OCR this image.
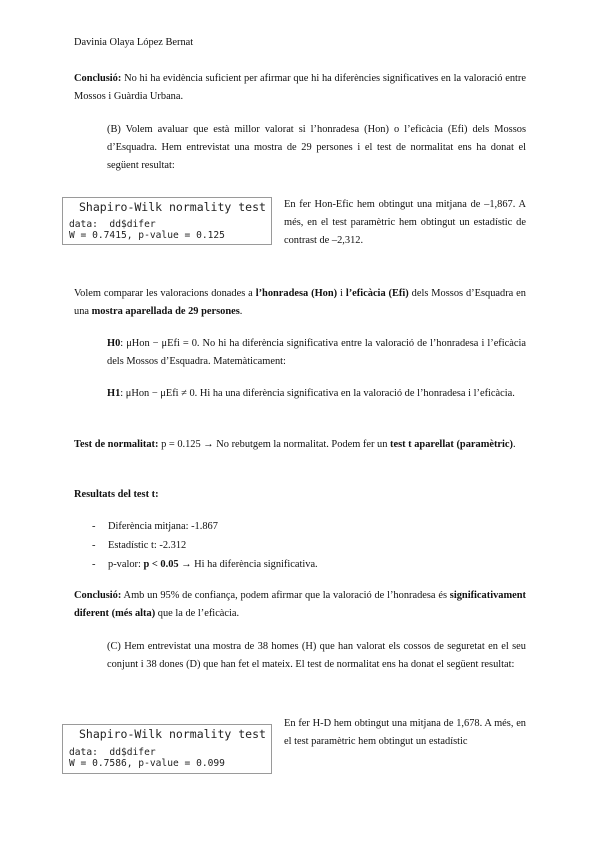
Davinia Olaya López Bernat
Conclusió: No hi ha evidència suficient per afirmar que hi ha diferències significatives en la valoració entre Mossos i Guàrdia Urbana.
(B) Volem avaluar que està millor valorat si l’honradesa (Hon) o l’eficàcia (Efi) dels Mossos d’Esquadra. Hem entrevistat una mostra de 29 persones i el test de normalitat ens ha donat el següent resultat:
Shapiro-Wilk normality test
data:  dd$difer
W = 0.7415, p-value = 0.125
En fer Hon-Efic hem obtingut una mitjana de –1,867. A més, en el test paramètric hem obtingut un estadístic de contrast de –2,312.
Volem comparar les valoracions donades a l’honradesa (Hon) i l’eficàcia (Efi) dels Mossos d’Esquadra en una mostra aparellada de 29 persones.
H0: μHon − μEfi = 0. No hi ha diferència significativa entre la valoració de l’honradesa i l’eficàcia dels Mossos d’Esquadra. Matemàticament:
H1: μHon − μEfi ≠ 0. Hi ha una diferència significativa en la valoració de l’honradesa i l’eficàcia.
Test de normalitat: p = 0.125 → No rebutgem la normalitat. Podem fer un test t aparellat (paramètric).
Resultats del test t:
- Diferència mitjana: -1.867
- Estadístic t: -2.312
- p-valor: p < 0.05 → Hi ha diferència significativa.
Conclusió: Amb un 95% de confiança, podem afirmar que la valoració de l’honradesa és significativament diferent (més alta) que la de l’eficàcia.
(C) Hem entrevistat una mostra de 38 homes (H) que han valorat els cossos de seguretat en el seu conjunt i 38 dones (D) que han fet el mateix. El test de normalitat ens ha donat el següent resultat:
Shapiro-Wilk normality test
data:  dd$difer
W = 0.7586, p-value = 0.099
En fer H-D hem obtingut una mitjana de 1,678. A més, en el test paramètric hem obtingut un estadístic
